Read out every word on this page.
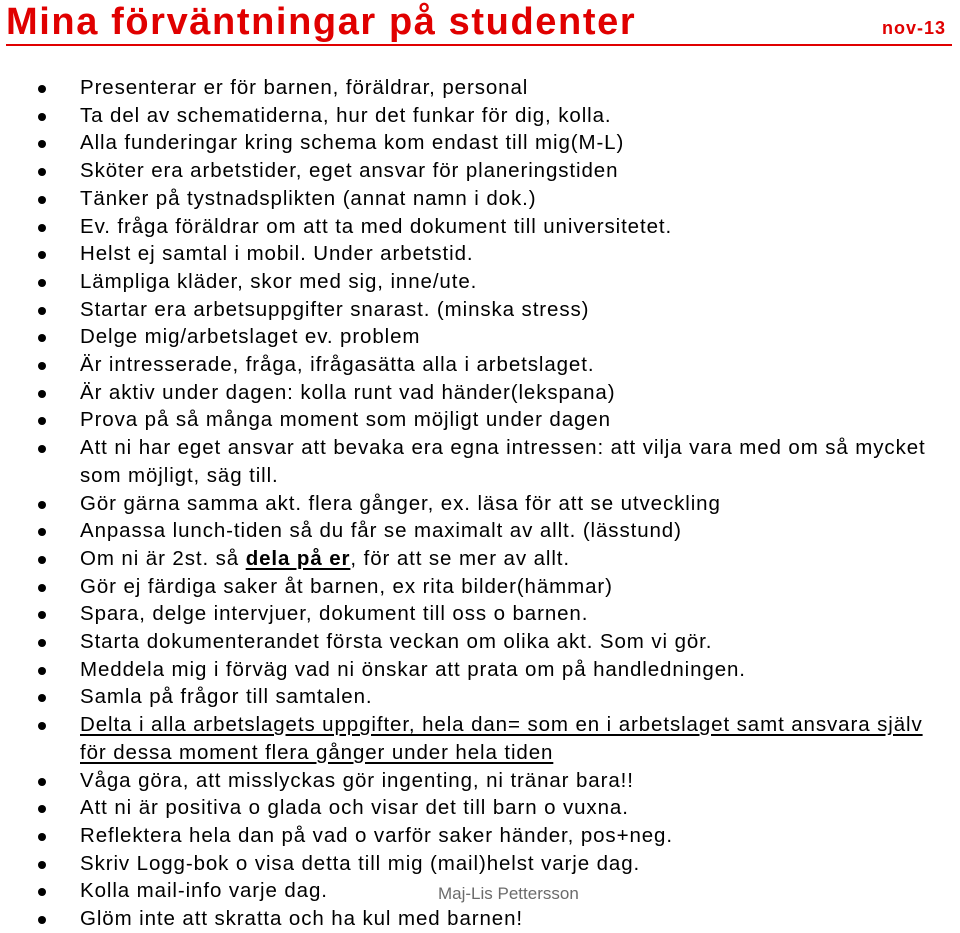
Mina förväntningar på studenter	nov-13
Presenterar er för barnen, föräldrar, personal
Ta del av schematiderna, hur det funkar för dig, kolla.
Alla funderingar kring schema kom endast till mig(M-L)
Sköter era arbetstider, eget ansvar för planeringstiden
Tänker på tystnadsplikten (annat namn i dok.)
Ev. fråga föräldrar om att ta med dokument till universitetet.
Helst ej samtal i mobil. Under arbetstid.
Lämpliga kläder, skor med sig, inne/ute.
Startar era arbetsuppgifter snarast. (minska stress)
Delge mig/arbetslaget ev. problem
Är intresserade, fråga, ifrågasätta alla i arbetslaget.
Är aktiv under dagen: kolla runt vad händer(lekspana)
Prova på så många moment som möjligt under dagen
Att ni har eget ansvar att bevaka era egna intressen: att vilja vara med om så mycket som möjligt, säg till.
Gör gärna samma akt. flera gånger, ex. läsa för att se utveckling
Anpassa lunch-tiden så du får se maximalt av allt. (lässtund)
Om ni är 2st. så dela på er, för att se mer av allt.
Gör ej färdiga saker åt barnen, ex rita bilder(hämmar)
Spara, delge intervjuer, dokument till oss o barnen.
Starta dokumenterandet första veckan om olika akt. Som vi gör.
Meddela mig i förväg vad ni önskar att prata om på handledningen.
Samla på frågor till samtalen.
Delta i alla arbetslagets uppgifter, hela dan= som en i arbetslaget samt ansvara själv för dessa moment flera gånger under hela tiden
Våga göra, att misslyckas gör ingenting, ni tränar bara!!
Att ni är positiva o glada och visar det till barn o vuxna.
Reflektera hela dan på vad o varför saker händer, pos+neg.
Skriv Logg-bok o visa detta till mig (mail)helst varje dag.
Kolla mail-info varje dag.
Glöm inte att skratta och ha kul med barnen!
Maj-Lis Pettersson
